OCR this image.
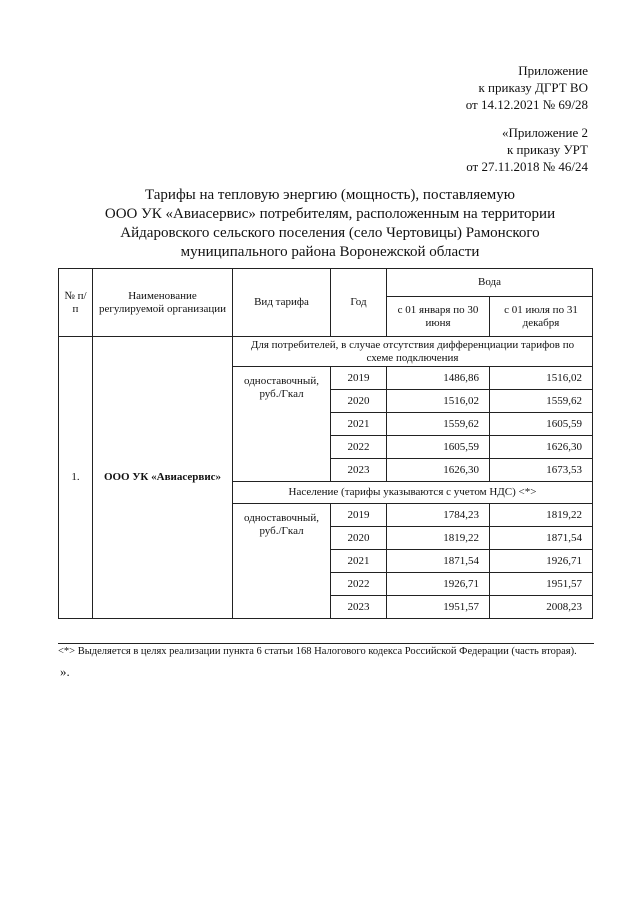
Приложение
к приказу ДГРТ ВО
от 14.12.2021 № 69/28
«Приложение 2
к приказу УРТ
от 27.11.2018 № 46/24
Тарифы на тепловую энергию (мощность), поставляемую
ООО УК «Авиасервис» потребителям, расположенным на территории
Айдаровского сельского поселения (село Чертовицы) Рамонского
муниципального района Воронежской области
№ п/п	Наименование регулируемой организации	Вид тарифа	Год	Вода	
				с 01 января по 30 июня	с 01 июля по 31 декабря
1.	ООО УК «Авиасервис»	Для потребителей, в случае отсутствия дифференциации тарифов по схеме подключения			
		одноставочный, руб./Гкал	2019	1486,86	1516,02
			2020	1516,02	1559,62
			2021	1559,62	1605,59
			2022	1605,59	1626,30
			2023	1626,30	1673,53
		Население (тарифы указываются с учетом НДС) <*>			
		одноставочный, руб./Гкал	2019	1784,23	1819,22
			2020	1819,22	1871,54
			2021	1871,54	1926,71
			2022	1926,71	1951,57
			2023	1951,57	2008,23
<*> Выделяется в целях реализации пункта 6 статьи 168 Налогового кодекса Российской Федерации (часть вторая).
».
